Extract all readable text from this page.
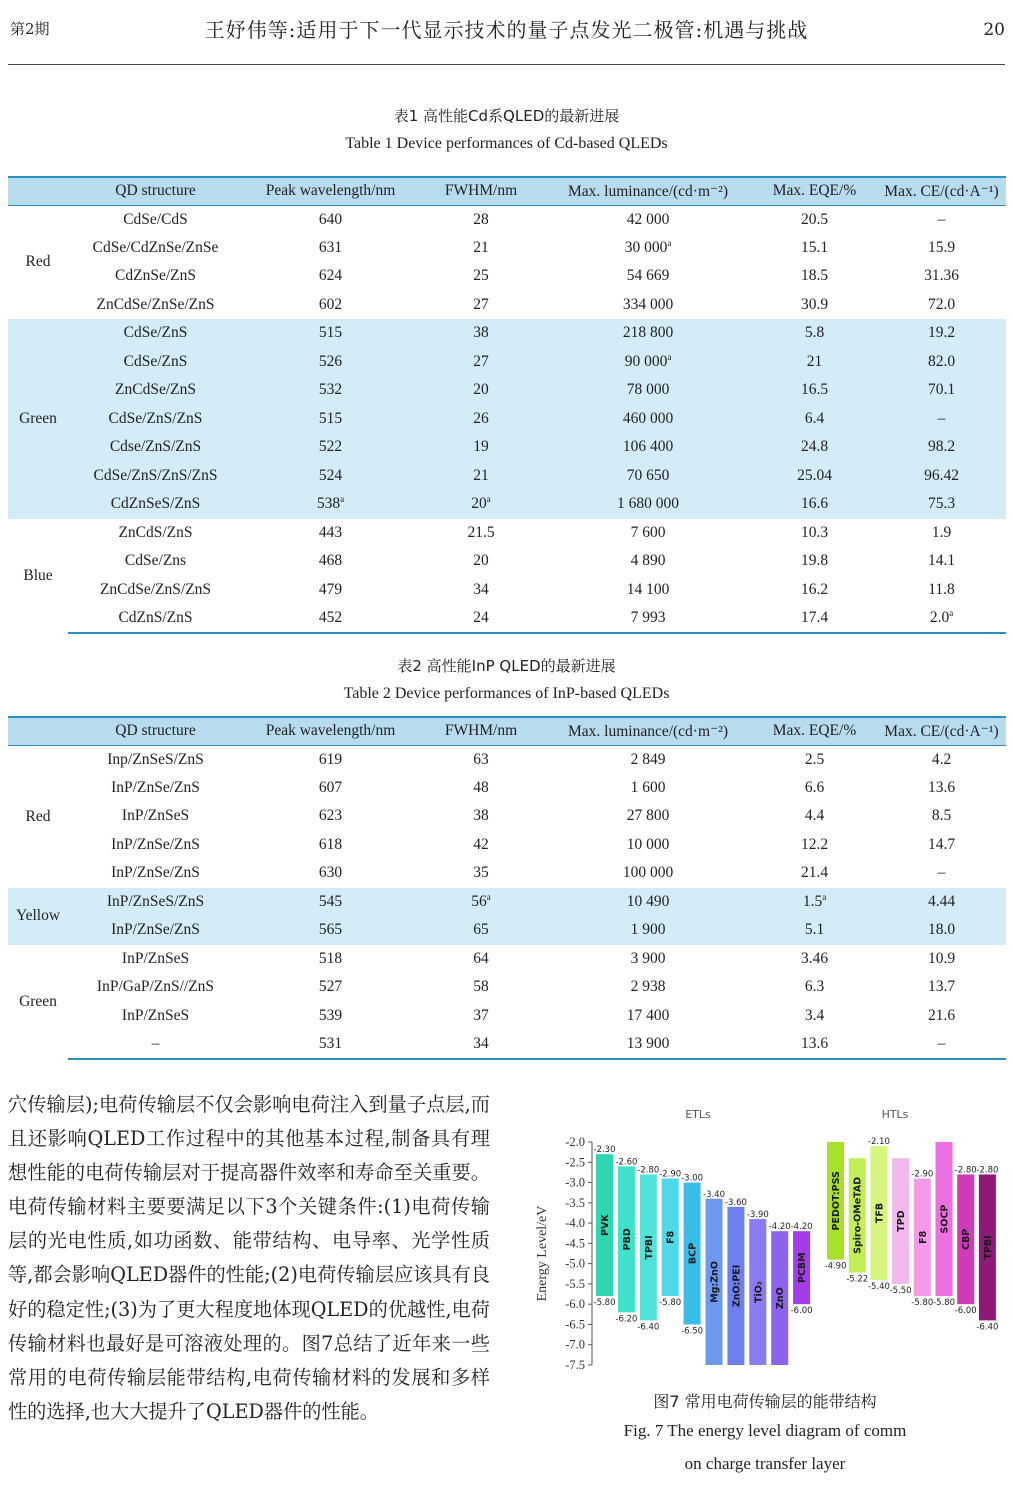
第2期	王妤伟等:适用于下一代显示技术的量子点发光二极管:机遇与挑战	20
表1 高性能Cd系QLED的最新进展
Table 1 Device performances of Cd-based QLEDs
	QD structure	Peak wavelength/nm	FWHM/nm	Max. luminance/(cd·m⁻²)	Max. EQE/%	Max. CE/(cd·A⁻¹)
Red	CdSe/CdS	640	28	42 000	20.5	–
	CdSe/CdZnSe/ZnSe	631	21	30 000$^a$	15.1	15.9
	CdZnSe/ZnS	624	25	54 669	18.5	31.36
	ZnCdSe/ZnSe/ZnS	602	27	334 000	30.9	72.0
Green	CdSe/ZnS	515	38	218 800	5.8	19.2
	CdSe/ZnS	526	27	90 000$^a$	21	82.0
	ZnCdSe/ZnS	532	20	78 000	16.5	70.1
	CdSe/ZnS/ZnS	515	26	460 000	6.4	–
	Cdse/ZnS/ZnS	522	19	106 400	24.8	98.2
	CdSe/ZnS/ZnS/ZnS	524	21	70 650	25.04	96.42
	CdZnSeS/ZnS	538$^a$	20$^a$	1 680 000	16.6	75.3
Blue	ZnCdS/ZnS	443	21.5	7 600	10.3	1.9
	CdSe/Zns	468	20	4 890	19.8	14.1
	ZnCdSe/ZnS/ZnS	479	34	14 100	16.2	11.8
	CdZnS/ZnS	452	24	7 993	17.4	2.0$^a$
表2 高性能InP QLED的最新进展
Table 2 Device performances of InP-based QLEDs
	QD structure	Peak wavelength/nm	FWHM/nm	Max. luminance/(cd·m⁻²)	Max. EQE/%	Max. CE/(cd·A⁻¹)
Red	Inp/ZnSeS/ZnS	619	63	2 849	2.5	4.2
	InP/ZnSe/ZnS	607	48	1 600	6.6	13.6
	InP/ZnSeS	623	38	27 800	4.4	8.5
	InP/ZnSe/ZnS	618	42	10 000	12.2	14.7
	InP/ZnSe/ZnS	630	35	100 000	21.4	–
Yellow	InP/ZnSeS/ZnS	545	56$^a$	10 490	1.5$^a$	4.44
	InP/ZnSe/ZnS	565	65	1 900	5.1	18.0
Green	InP/ZnSeS	518	64	3 900	3.46	10.9
	InP/GaP/ZnS//ZnS	527	58	2 938	6.3	13.7
	InP/ZnSeS	539	37	17 400	3.4	21.6
	–	531	34	13 900	13.6	–
穴传输层);电荷传输层不仅会影响电荷注入到量子点层,而且还影响QLED工作过程中的其他基本过程,制备具有理想性能的电荷传输层对于提高器件效率和寿命至关重要。电荷传输材料主要要满足以下3个关键条件:(1)电荷传输层的光电性质,如功函数、能带结构、电导率、光学性质等,都会影响QLED器件的性能;(2)电荷传输层应该具有良好的稳定性;(3)为了更大程度地体现QLED的优越性,电荷传输材料也最好是可溶液处理的。图7总结了近年来一些常用的电荷传输层能带结构,电荷传输材料的发展和多样性的选择,也大大提升了QLED器件的性能。
-2.0
-2.5
-3.0
-3.5
-4.0
-4.5
-5.0
-5.5
-6.0
-6.5
-7.0
-7.5
Energy Level/eV
ETLs
PVK
-2.30
-5.80
PBD
-2.60
-6.20
TPBI
-2.80
-6.40
F8
-2.90
-5.80
BCP
-3.00
-6.50
Mg:ZnO
-3.40
ZnO:PEI
-3.60
TiO₂
-3.90
ZnO
-4.20
PCBM
-4.20
-6.00
HTLs
PEDOT:PSS
-4.90
Spiro-OMeTAD
-5.22
TFB
-2.10
-5.40
TPD
-5.50
F8
-2.90
-5.80
SOCP
-5.80
CBP
-2.80
-6.00
TPBI
-2.80
-6.40
图7 常用电荷传输层的能带结构
Fig. 7 The energy level diagram of comm
on charge transfer layer
